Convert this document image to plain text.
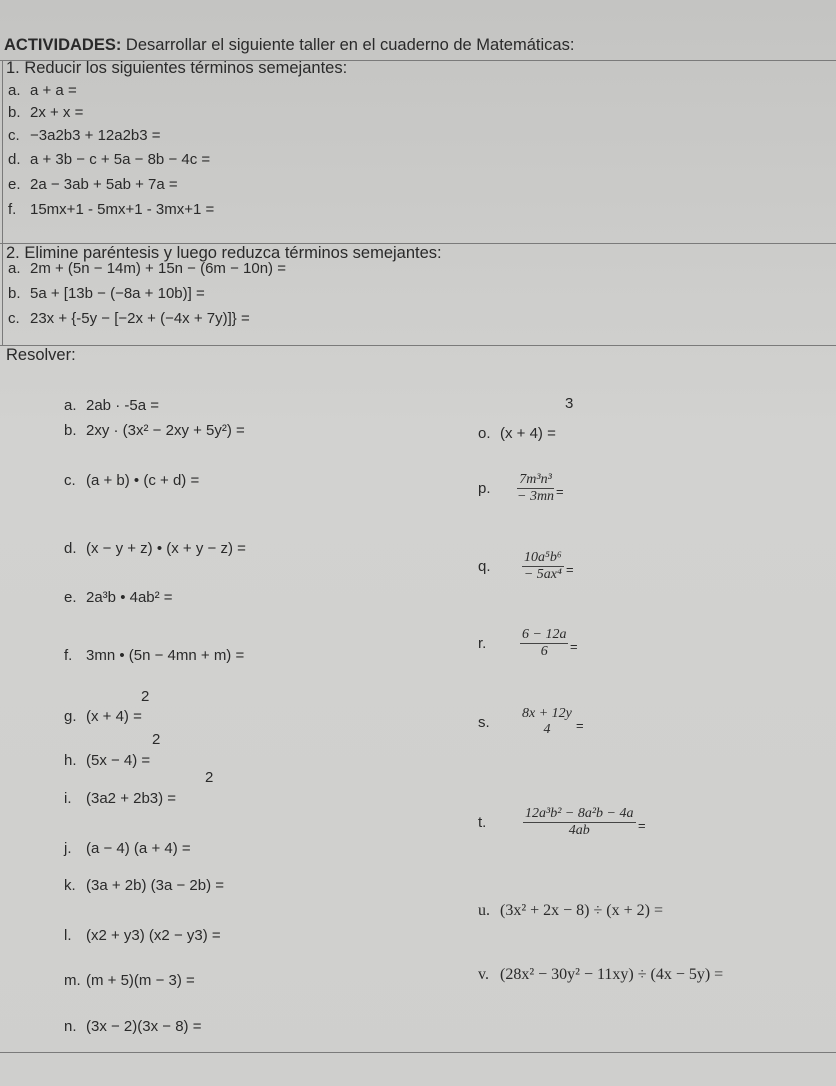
ACTIVIDADES: Desarrollar el siguiente taller en el cuaderno de Matemáticas:
1. Reducir los siguientes términos semejantes:
2. Elimine paréntesis y luego reduzca términos semejantes:
Resolver:
a. a + a =
b. 2x + x =
c. −3a2b3 + 12a2b3 =
d. a + 3b − c + 5a − 8b − 4c =
e. 2a − 3ab + 5ab + 7a =
f. 15mx+1 - 5mx+1 - 3mx+1 =
a. 2m + (5n − 14m) + 15n − (6m − 10n) =
b. 5a + [13b − (−8a + 10b)] =
c. 23x + {-5y − [−2x + (−4x + 7y)]} =
a. 2ab · -5a =
b. 2xy · (3x² − 2xy + 5y²) =
c. (a + b) • (c + d) =
d. (x − y + z) • (x + y − z) =
e. 2a³b • 4ab² =
f. 3mn • (5n − 4mn + m) =
g. (x + 4) =
h. (5x − 4) =
i. (3a2 + 2b3) =
j. (a − 4) (a + 4) =
k. (3a + 2b) (3a − 2b) =
l. (x2 + y3) (x2 − y3) =
m. (m + 5)(m − 3) =
n. (3x − 2)(3x − 8) =
2
2
2
o. (x + 4) =
3
p. $\frac{\text{7m³n³}}{- 3mn}$ =
q. $\frac{\text{10a⁵b⁶}}{\text{− 5ax⁴}}$ =
r. $\frac{6 - 12a}{6}$ =
s.
8x + 12y
4	=
t.	$\frac{\text{12a³b² − 8a²b − 4a}}{4ab}$ =
u. (3x² + 2x − 8) ÷ (x + 2) =
v. (28x² − 30y² − 11xy) ÷ (4x − 5y) =
